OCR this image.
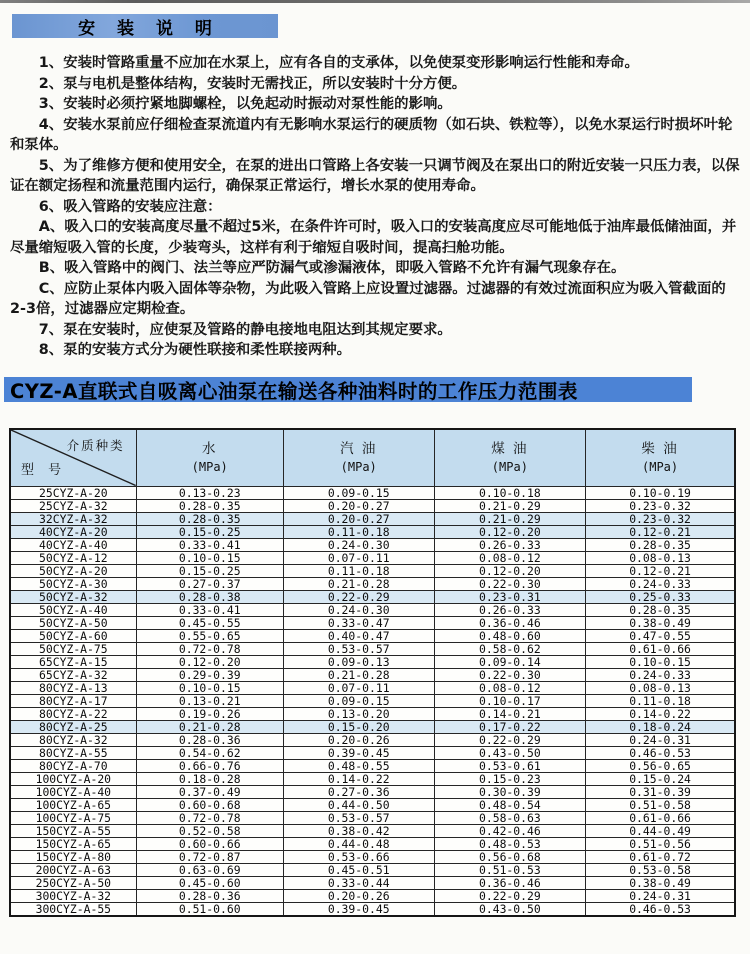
安 装 说 明

1、安装时管路重量不应加在水泵上，应有各自的支承体，以免使泵变形影响运行性能和寿命。

2、泵与电机是整体结构，安装时无需找正，所以安装时十分方便。

3、安装时必须拧紧地脚螺栓，以免起动时振动对泵性能的影响。

4、安装水泵前应仔细检查泵流道内有无影响水泵运行的硬质物（如石块、铁粒等），以免水泵运行时损坏叶轮和泵体。

5、为了维修方便和使用安全，在泵的进出口管路上各安装一只调节阀及在泵出口的附近安装一只压力表，以保证在额定扬程和流量范围内运行，确保泵正常运行，增长水泵的使用寿命。

6、吸入管路的安装应注意：

A、吸入口的安装高度尽量不超过5米，在条件许可时，吸入口的安装高度应尽可能地低于油库最低储油面，并尽量缩短吸入管的长度，少装弯头，这样有利于缩短自吸时间，提高扫舱功能。

B、吸入管路中的阀门、法兰等应严防漏气或渗漏液体，即吸入管路不允许有漏气现象存在。

C、应防止泵体内吸入固体等杂物，为此吸入管路上应设置过滤器。过滤器的有效过流面积应为吸入管截面的2-3倍，过滤器应定期检查。

7、泵在安装时，应使泵及管路的静电接地电阻达到其规定要求。

8、泵的安装方式分为硬性联接和柔性联接两种。

CYZ-A直联式自吸离心油泵在输送各种油料时的工作压力范围表
介质种类
型 号

水
(MPa)

汽 油
(MPa)

煤 油
(MPa)

柴 油
(MPa)

25CYZ-A-20	0.13-0.23	0.09-0.15	0.10-0.18	0.10-0.19
25CYZ-A-32	0.28-0.35	0.20-0.27	0.21-0.29	0.23-0.32
32CYZ-A-32	0.28-0.35	0.20-0.27	0.21-0.29	0.23-0.32
40CYZ-A-20	0.15-0.25	0.11-0.18	0.12-0.20	0.12-0.21
40CYZ-A-40	0.33-0.41	0.24-0.30	0.26-0.33	0.28-0.35
50CYZ-A-12	0.10-0.15	0.07-0.11	0.08-0.12	0.08-0.13
50CYZ-A-20	0.15-0.25	0.11-0.18	0.12-0.20	0.12-0.21
50CYZ-A-30	0.27-0.37	0.21-0.28	0.22-0.30	0.24-0.33
50CYZ-A-32	0.28-0.38	0.22-0.29	0.23-0.31	0.25-0.33
50CYZ-A-40	0.33-0.41	0.24-0.30	0.26-0.33	0.28-0.35
50CYZ-A-50	0.45-0.55	0.33-0.47	0.36-0.46	0.38-0.49
50CYZ-A-60	0.55-0.65	0.40-0.47	0.48-0.60	0.47-0.55
50CYZ-A-75	0.72-0.78	0.53-0.57	0.58-0.62	0.61-0.66
65CYZ-A-15	0.12-0.20	0.09-0.13	0.09-0.14	0.10-0.15
65CYZ-A-32	0.29-0.39	0.21-0.28	0.22-0.30	0.24-0.33
80CYZ-A-13	0.10-0.15	0.07-0.11	0.08-0.12	0.08-0.13
80CYZ-A-17	0.13-0.21	0.09-0.15	0.10-0.17	0.11-0.18
80CYZ-A-22	0.19-0.26	0.13-0.20	0.14-0.21	0.14-0.22
80CYZ-A-25	0.21-0.28	0.15-0.20	0.17-0.22	0.18-0.24
80CYZ-A-32	0.28-0.36	0.20-0.26	0.22-0.29	0.24-0.31
80CYZ-A-55	0.54-0.62	0.39-0.45	0.43-0.50	0.46-0.53
80CYZ-A-70	0.66-0.76	0.48-0.55	0.53-0.61	0.56-0.65
100CYZ-A-20	0.18-0.28	0.14-0.22	0.15-0.23	0.15-0.24
100CYZ-A-40	0.37-0.49	0.27-0.36	0.30-0.39	0.31-0.39
100CYZ-A-65	0.60-0.68	0.44-0.50	0.48-0.54	0.51-0.58
100CYZ-A-75	0.72-0.78	0.53-0.57	0.58-0.63	0.61-0.66
150CYZ-A-55	0.52-0.58	0.38-0.42	0.42-0.46	0.44-0.49
150CYZ-A-65	0.60-0.66	0.44-0.48	0.48-0.53	0.51-0.56
150CYZ-A-80	0.72-0.87	0.53-0.66	0.56-0.68	0.61-0.72
200CYZ-A-63	0.63-0.69	0.45-0.51	0.51-0.53	0.53-0.58
250CYZ-A-50	0.45-0.60	0.33-0.44	0.36-0.46	0.38-0.49
300CYZ-A-32	0.28-0.36	0.20-0.26	0.22-0.29	0.24-0.31
300CYZ-A-55	0.51-0.60	0.39-0.45	0.43-0.50	0.46-0.53
